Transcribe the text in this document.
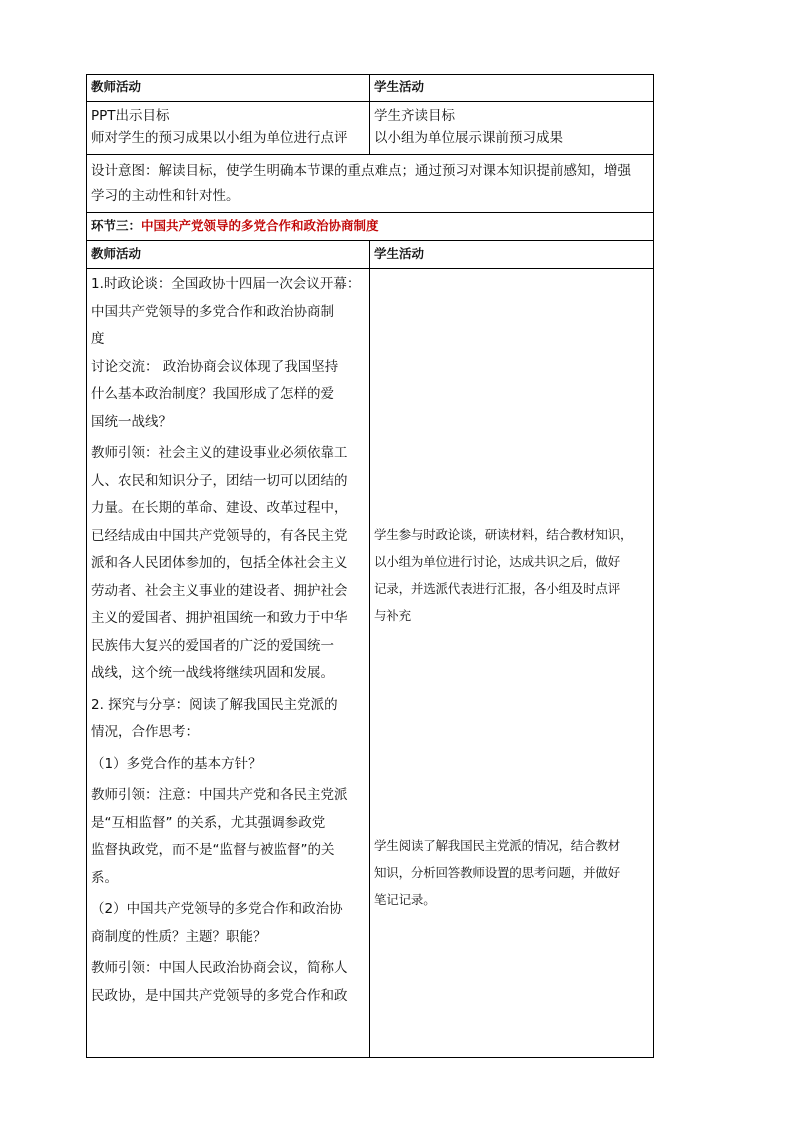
教师活动	学生活动

PPT出示目标

师对学生的预习成果以小组为单位进行点评

学生齐读目标

以小组为单位展示课前预习成果

设计意图：解读目标，使学生明确本节课的重点难点；通过预习对课本知识提前感知，增强

学习的主动性和针对性。

环节三：中国共产党领导的多党合作和政治协商制度
教师活动	学生活动

1.时政论谈：全国政协十四届一次会议开幕：

中国共产党领导的多党合作和政治协商制

度

讨论交流： 政治协商会议体现了我国坚持

什么基本政治制度？我国形成了怎样的爱

国统一战线？

教师引领：社会主义的建设事业必须依靠工

人、农民和知识分子，团结一切可以团结的

力量。在长期的革命、建设、改革过程中，

已经结成由中国共产党领导的，有各民主党

派和各人民团体参加的，包括全体社会主义

劳动者、社会主义事业的建设者、拥护社会

主义的爱国者、拥护祖国统一和致力于中华

民族伟大复兴的爱国者的广泛的爱国统一

战线，这个统一战线将继续巩固和发展。

2. 探究与分享：阅读了解我国民主党派的

情况，合作思考：

（1）多党合作的基本方针？

教师引领：注意：中国共产党和各民主党派

是“互相监督” 的关系，尤其强调参政党

监督执政党，而不是“监督与被监督”的关

系。

（2）中国共产党领导的多党合作和政治协

商制度的性质？主题？职能？

教师引领：中国人民政治协商会议，简称人

民政协，是中国共产党领导的多党合作和政

学生参与时政论谈，研读材料，结合教材知识，

以小组为单位进行讨论，达成共识之后，做好

记录，并选派代表进行汇报，各小组及时点评

与补充

学生阅读了解我国民主党派的情况，结合教材

知识，分析回答教师设置的思考问题，并做好

笔记记录。
